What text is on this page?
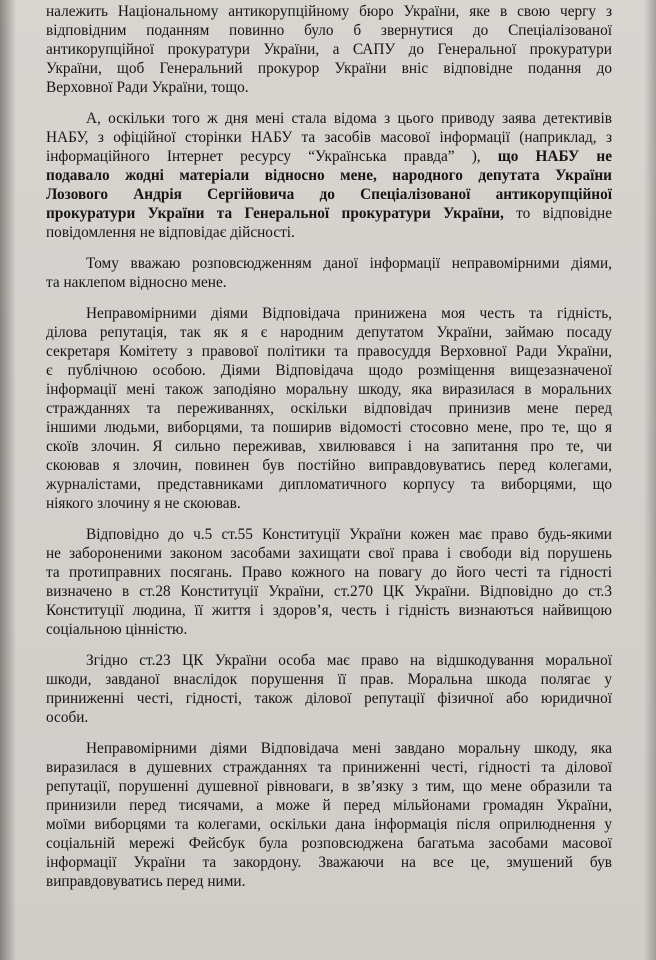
належить Національному антикорупційному бюро України, яке в свою чергу з
відповідним поданням повинно було б звернутися до Спеціалізованої
антикорупційної прокуратури України, а САПУ до Генеральної прокуратури
України, щоб Генеральний прокурор України вніс відповідне подання до
Верховної Ради України, тощо.
А, оскільки того ж дня мені стала відома з цього приводу заява детективів
НАБУ, з офіційної сторінки НАБУ та засобів масової інформації (наприклад, з
інформаційного Інтернет ресурсу “Українська правда” ), що НАБУ не
подавало жодні матеріали відносно мене, народного депутата України
Лозового Андрія Сергійовича до Спеціалізованої антикорупційної
прокуратури України та Генеральної прокуратури України, то відповідне
повідомлення не відповідає дійсності.
Тому вважаю розповсюдженням даної інформації неправомірними діями,
та наклепом відносно мене.
Неправомірними діями Відповідача принижена моя честь та гідність,
ділова репутація, так як я є народним депутатом України, займаю посаду
секретаря Комітету з правової політики та правосуддя Верховної Ради України,
є публічною особою. Діями Відповідача щодо розміщення вищезазначеної
інформації мені також заподіяно моральну шкоду, яка виразилася в моральних
стражданнях та переживаннях, оскільки відповідач принизив мене перед
іншими людьми, виборцями, та поширив відомості стосовно мене, про те, що я
скоїв злочин. Я сильно переживав, хвилювався і на запитання про те, чи
скоював я злочин, повинен був постійно виправдовуватись перед колегами,
журналістами, представниками дипломатичного корпусу та виборцями, що
ніякого злочину я не скоював.
Відповідно до ч.5 ст.55 Конституції України кожен має право будь-якими
не забороненими законом засобами захищати свої права і свободи від порушень
та протиправних посягань. Право кожного на повагу до його честі та гідності
визначено в ст.28 Конституції України, ст.270 ЦК України. Відповідно до ст.3
Конституції людина, її життя і здоров’я, честь і гідність визнаються найвищою
соціальною цінністю.
Згідно ст.23 ЦК України особа має право на відшкодування моральної
шкоди, завданої внаслідок порушення її прав. Моральна шкода полягає у
приниженні честі, гідності, також ділової репутації фізичної або юридичної
особи.
Неправомірними діями Відповідача мені завдано моральну шкоду, яка
виразилася в душевних стражданнях та приниженні честі, гідності та ділової
репутації, порушенні душевної рівноваги, в зв’язку з тим, що мене образили та
принизили перед тисячами, а може й перед мільйонами громадян України,
моїми виборцями та колегами, оскільки дана інформація після оприлюднення у
соціальній мережі Фейсбук була розповсюджена багатьма засобами масової
інформації України та закордону. Зважаючи на все це, змушений був
виправдовуватись перед ними.
